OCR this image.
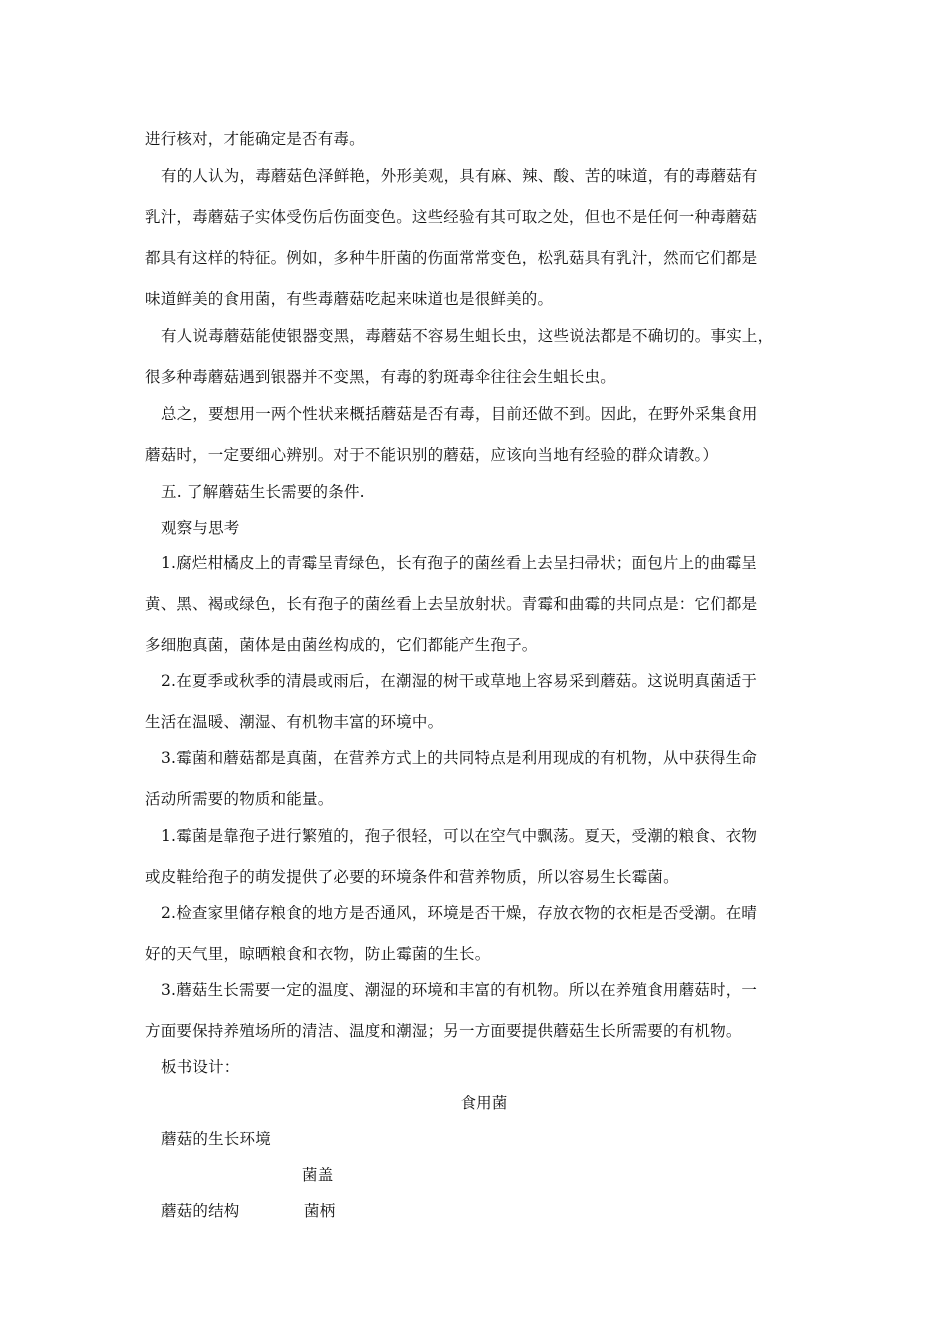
进行核对，才能确定是否有毒。
有的人认为，毒蘑菇色泽鲜艳，外形美观，具有麻、辣、酸、苦的味道，有的毒蘑菇有
乳汁，毒蘑菇子实体受伤后伤面变色。这些经验有其可取之处，但也不是任何一种毒蘑菇
都具有这样的特征。例如，多种牛肝菌的伤面常常变色，松乳菇具有乳汁，然而它们都是
味道鲜美的食用菌，有些毒蘑菇吃起来味道也是很鲜美的。
有人说毒蘑菇能使银器变黑，毒蘑菇不容易生蛆长虫，这些说法都是不确切的。事实上，
很多种毒蘑菇遇到银器并不变黑，有毒的豹斑毒伞往往会生蛆长虫。
总之，要想用一两个性状来概括蘑菇是否有毒，目前还做不到。因此，在野外采集食用
蘑菇时，一定要细心辨别。对于不能识别的蘑菇，应该向当地有经验的群众请教。）
五. 了解蘑菇生长需要的条件.
观察与思考
1.腐烂柑橘皮上的青霉呈青绿色，长有孢子的菌丝看上去呈扫帚状；面包片上的曲霉呈
黄、黑、褐或绿色，长有孢子的菌丝看上去呈放射状。青霉和曲霉的共同点是：它们都是
多细胞真菌，菌体是由菌丝构成的，它们都能产生孢子。
2.在夏季或秋季的清晨或雨后，在潮湿的树干或草地上容易采到蘑菇。这说明真菌适于
生活在温暖、潮湿、有机物丰富的环境中。
3.霉菌和蘑菇都是真菌，在营养方式上的共同特点是利用现成的有机物，从中获得生命
活动所需要的物质和能量。
1.霉菌是靠孢子进行繁殖的，孢子很轻，可以在空气中飘荡。夏天，受潮的粮食、衣物
或皮鞋给孢子的萌发提供了必要的环境条件和营养物质，所以容易生长霉菌。
2.检查家里储存粮食的地方是否通风，环境是否干燥，存放衣物的衣柜是否受潮。在晴
好的天气里，晾晒粮食和衣物，防止霉菌的生长。
3.蘑菇生长需要一定的温度、潮湿的环境和丰富的有机物。所以在养殖食用蘑菇时，一
方面要保持养殖场所的清洁、温度和潮湿；另一方面要提供蘑菇生长所需要的有机物。
板书设计：
食用菌
蘑菇的生长环境
菌盖
蘑菇的结构	菌柄
